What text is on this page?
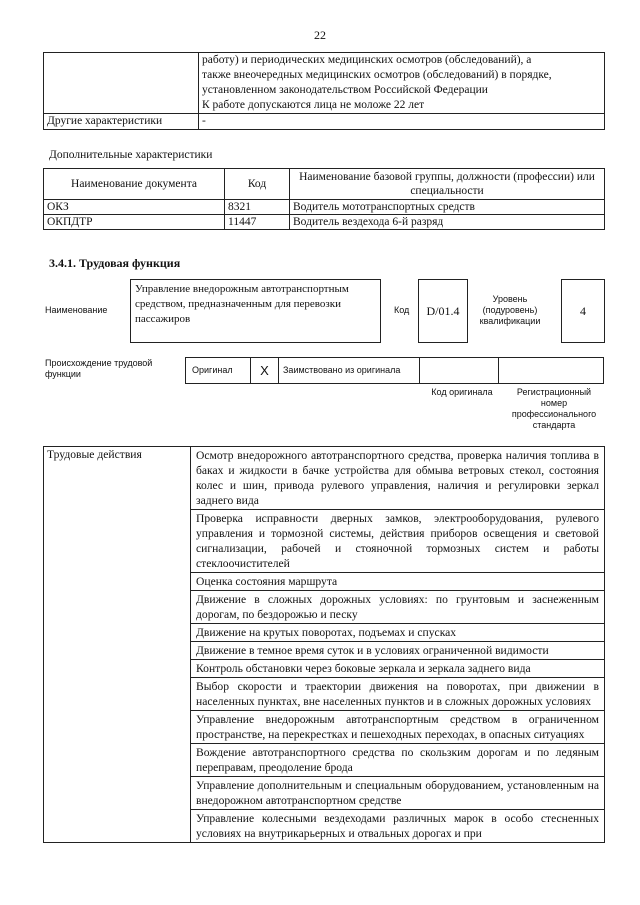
22

	работу) и периодических медицинских осмотров (обследований), а

также внеочередных медицинских осмотров (обследований) в порядке,

установленном законодательством Российской Федерации

К работе допускаются лица не моложе 22 лет

Другие характеристики	-
Дополнительные характеристики
Наименование документа	Код	Наименование базовой группы, должности (профессии) или специальности
ОКЗ	8321	Водитель мототранспортных средств
ОКПДТР	11447	Водитель вездехода 6-й разряд
3.4.1. Трудовая функция
Наименование
Управление внедорожным автотранспортным средством, предназначенным для перевозки пассажиров
Код	D/01.4
Уровень (подуровень) квалификации
4
Происхождение трудовой функции	Оригинал	X	Заимствовано из оригинала
Код оригинала	Регистрационный номер профессионального стандарта
Трудовые действия	Осмотр внедорожного автотранспортного средства, проверка наличия топлива в баках и жидкости в бачке устройства для обмыва ветровых стекол, состояния колес и шин, привода рулевого управления, наличия и регулировки зеркал заднего вида

Проверка исправности дверных замков, электрооборудования, рулевого управления и тормозной системы, действия приборов освещения и световой сигнализации, рабочей и стояночной тормозных систем и работы стеклоочистителей

Оценка состояния маршрута

Движение в сложных дорожных условиях: по грунтовым и заснеженным дорогам, по бездорожью и песку

Движение на крутых поворотах, подъемах и спусках

Движение в темное время суток и в условиях ограниченной видимости

Контроль обстановки через боковые зеркала и зеркала заднего вида

Выбор скорости и траектории движения на поворотах, при движении в населенных пунктах, вне населенных пунктов и в сложных дорожных условиях

Управление внедорожным автотранспортным средством в ограниченном пространстве, на перекрестках и пешеходных переходах, в опасных ситуациях

Вождение автотранспортного средства по скользким дорогам и по ледяным переправам, преодоление брода

Управление дополнительным и специальным оборудованием, установленным на внедорожном автотранспортном средстве

Управление колесными вездеходами различных марок в особо стесненных условиях на внутрикарьерных и отвальных дорогах и при
